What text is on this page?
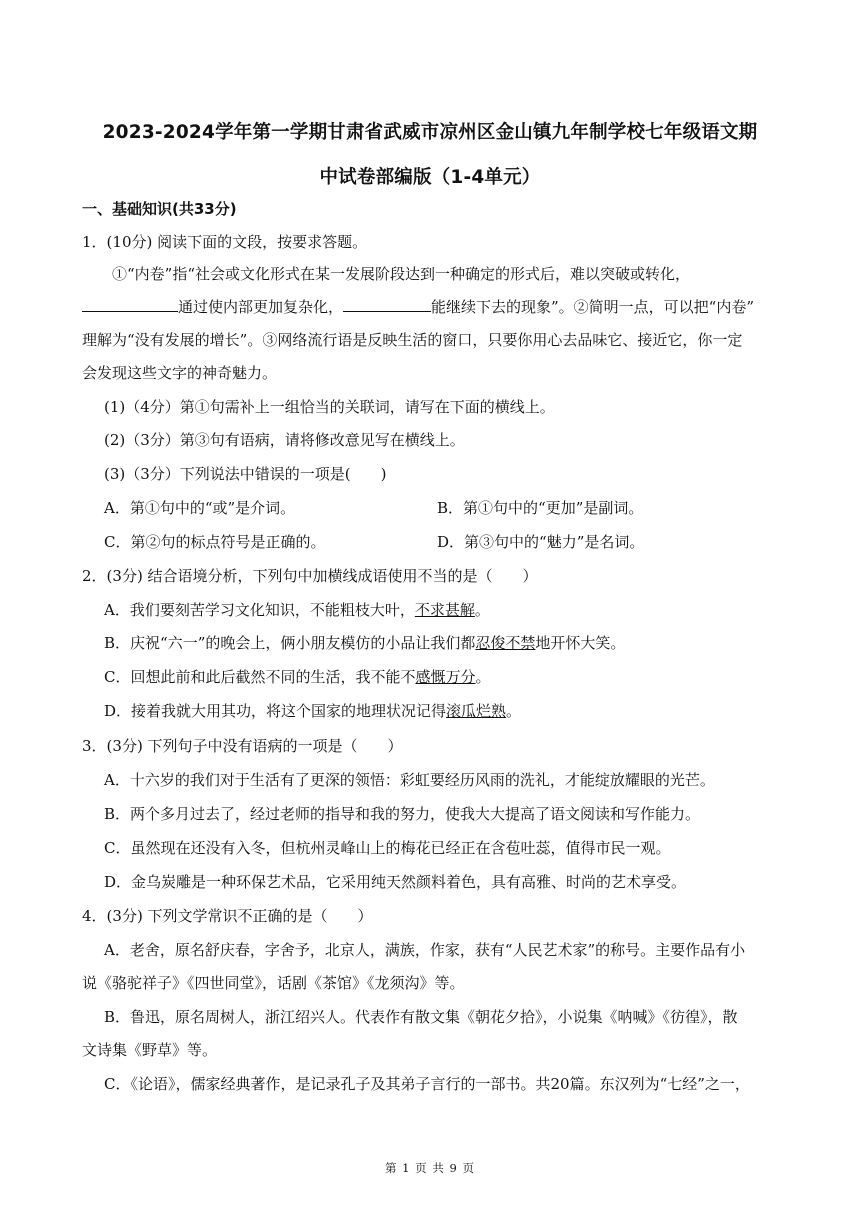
2023-2024学年第一学期甘肃省武威市凉州区金山镇九年制学校七年级语文期
中试卷部编版（1-4单元）
一、基础知识(共33分)
1．(10分) 阅读下面的文段，按要求答题。
①“内卷”指“社会或文化形式在某一发展阶段达到一种确定的形式后，难以突破或转化，
通过使内部更加复杂化，	能继续下去的现象”。②简明一点，可以把“内卷”
理解为“没有发展的增长”。③网络流行语是反映生活的窗口，只要你用心去品味它、接近它，你一定
会发现这些文字的神奇魅力。
(1)（4分）第①句需补上一组恰当的关联词，请写在下面的横线上。
(2)（3分）第③句有语病，请将修改意见写在横线上。
(3)（3分）下列说法中错误的一项是(　　)
A．第①句中的“或”是介词。	B．第①句中的“更加”是副词。
C．第②句的标点符号是正确的。	D．第③句中的“魅力”是名词。
2．(3分) 结合语境分析，下列句中加横线成语使用不当的是（　　）
A．我们要刻苦学习文化知识，不能粗枝大叶，不求甚解。
B．庆祝“六一”的晚会上，俩小朋友模仿的小品让我们都忍俊不禁地开怀大笑。
C．回想此前和此后截然不同的生活，我不能不感慨万分。
D．接着我就大用其功，将这个国家的地理状况记得滚瓜烂熟。
3．(3分) 下列句子中没有语病的一项是（　　）
A．十六岁的我们对于生活有了更深的领悟：彩虹要经历风雨的洗礼，才能绽放耀眼的光芒。
B．两个多月过去了，经过老师的指导和我的努力，使我大大提高了语文阅读和写作能力。
C．虽然现在还没有入冬，但杭州灵峰山上的梅花已经正在含苞吐蕊，值得市民一观。
D．金乌炭雕是一种环保艺术品，它采用纯天然颜料着色，具有高雅、时尚的艺术享受。
4．(3分) 下列文学常识不正确的是（　　）
A．老舍，原名舒庆春，字舍予，北京人，满族，作家，获有“人民艺术家”的称号。主要作品有小
说《骆驼祥子》《四世同堂》，话剧《茶馆》《龙须沟》等。
B．鲁迅，原名周树人，浙江绍兴人。代表作有散文集《朝花夕拾》，小说集《呐喊》《彷徨》，散
文诗集《野草》等。
C．《论语》，儒家经典著作，是记录孔子及其弟子言行的一部书。共20篇。东汉列为“七经”之一，
第 1 页 共 9 页
